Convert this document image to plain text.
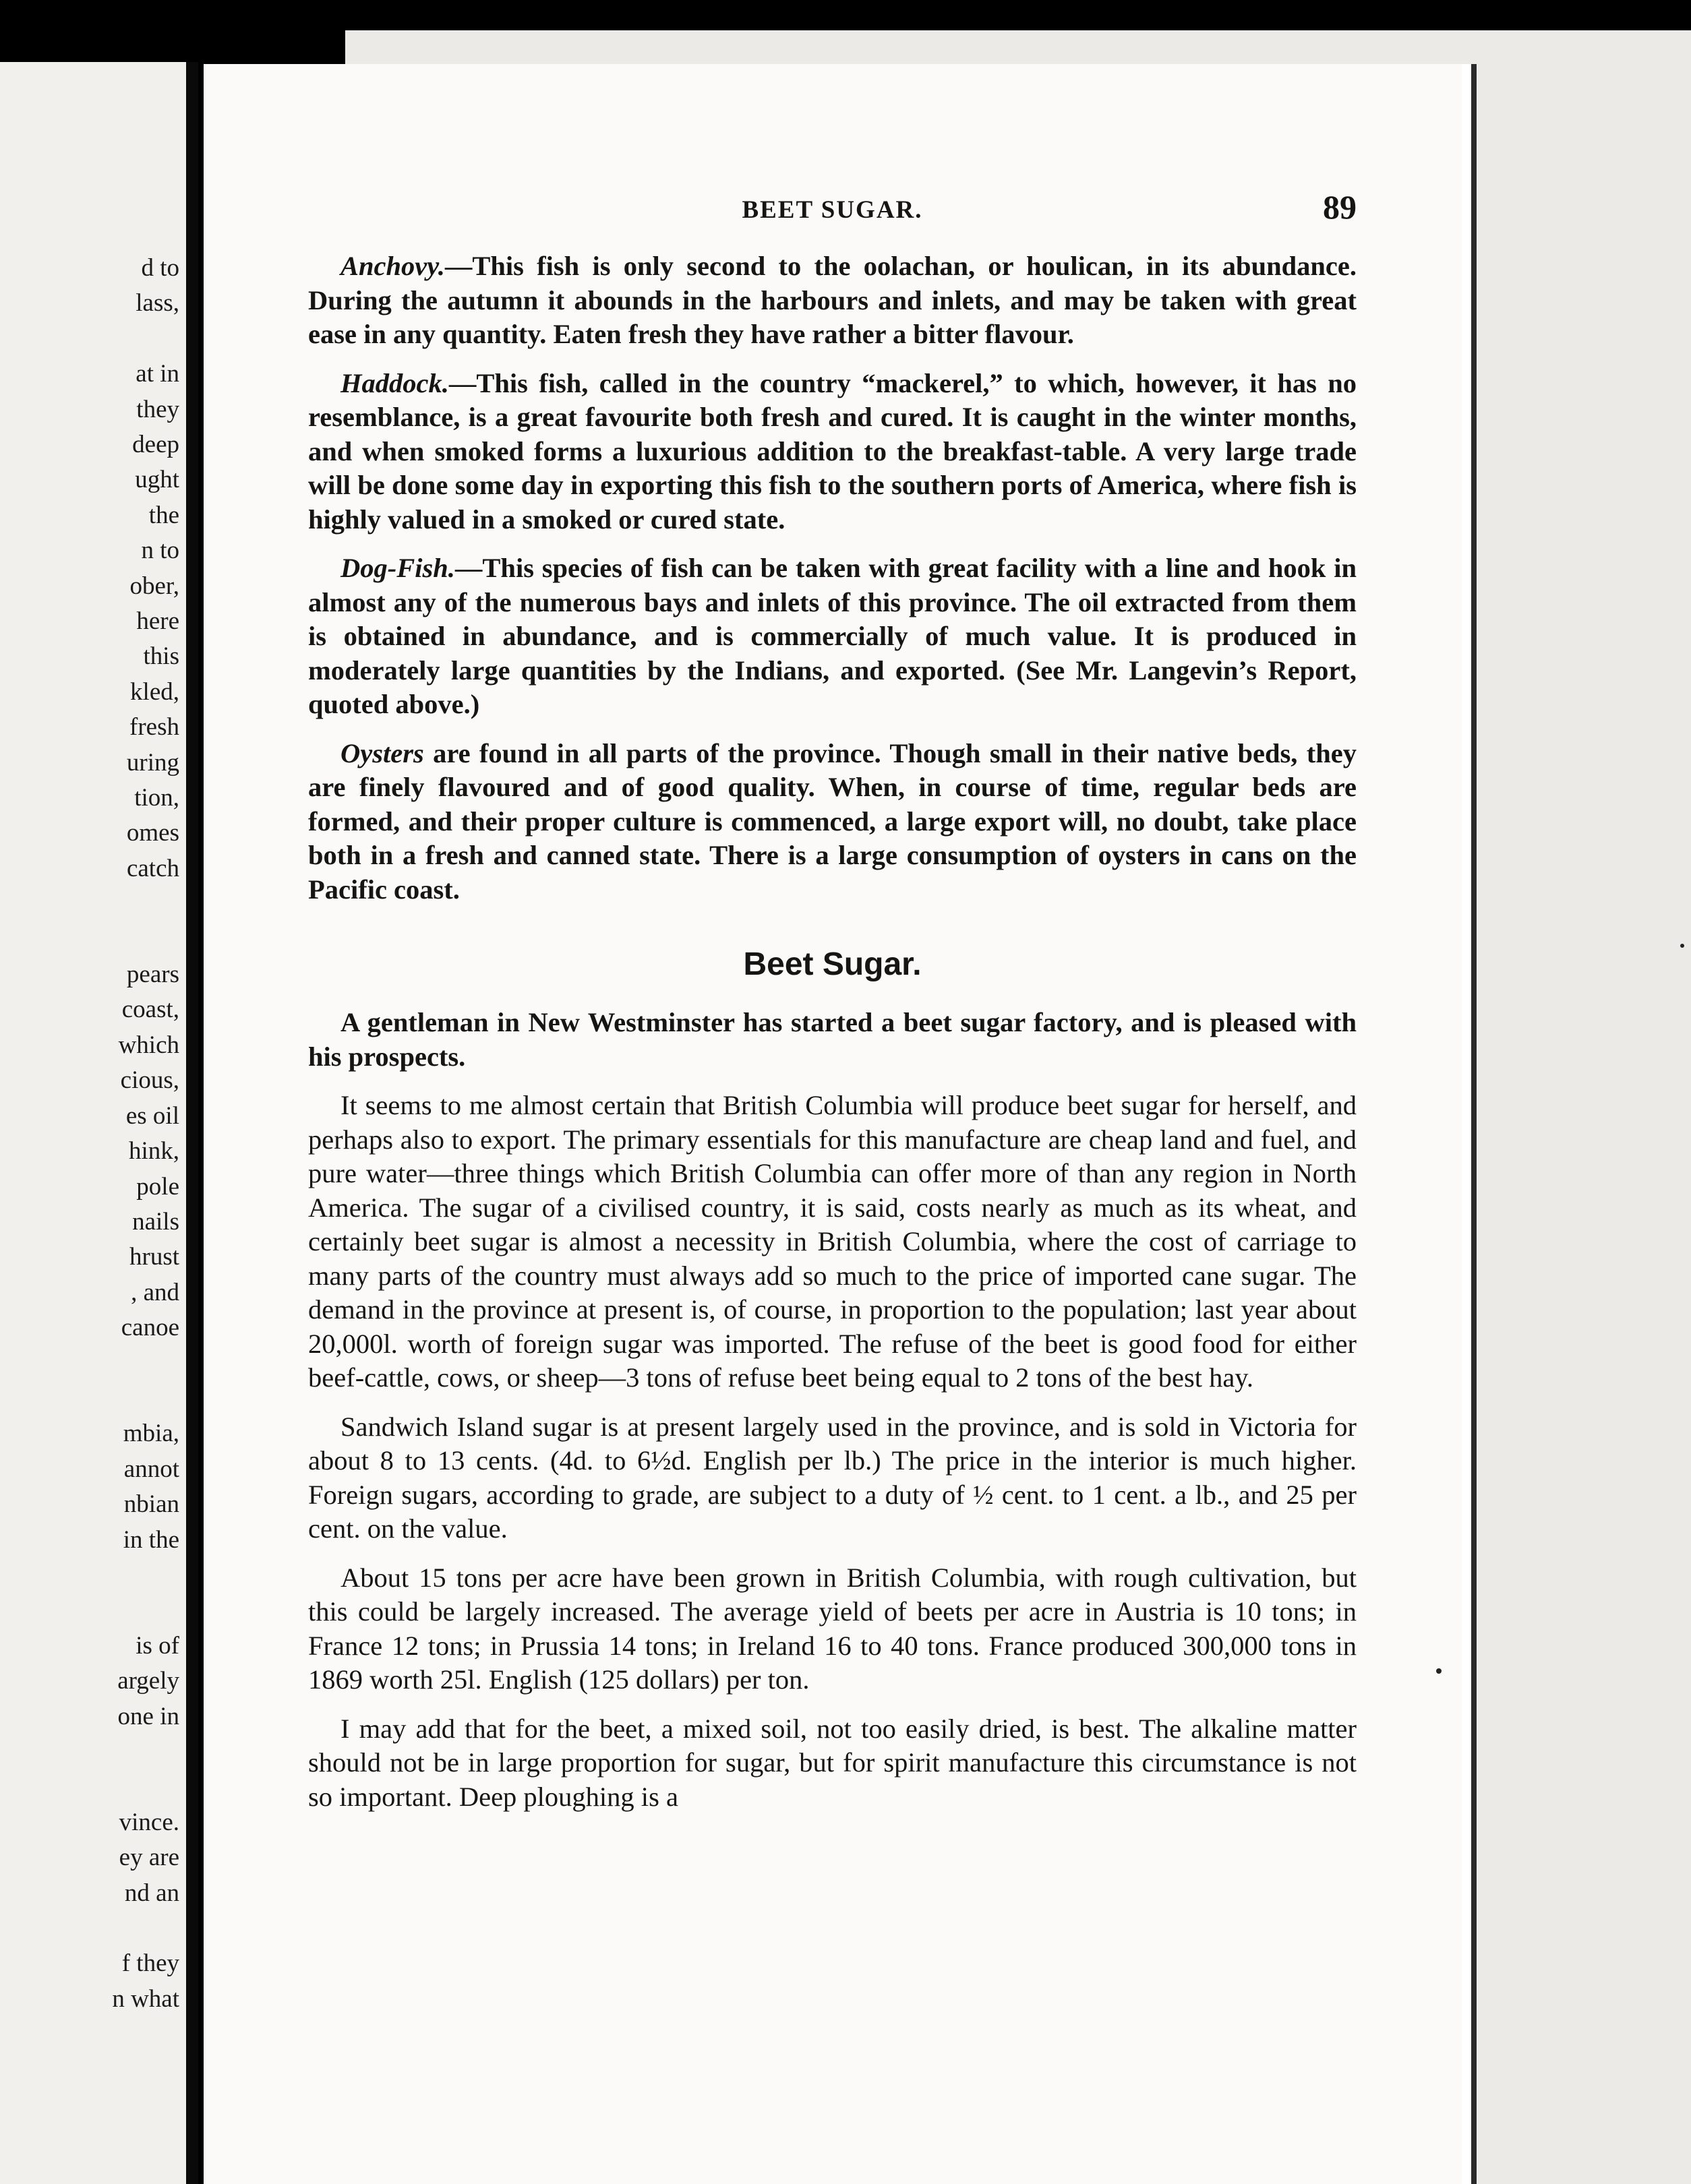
d to
lass,
at in
they
deep
ught
the
n to
ober,
here
this
kled,
fresh
uring
tion,
omes
catch
pears
coast,
which
cious,
es oil
hink,
pole
nails
hrust
, and
canoe
mbia,
annot
nbian
in the
is of
argely
one in
vince.
ey are
nd an
f they
n what
BEET SUGAR.	89

Anchovy.—This fish is only second to the oolachan, or houlican, in its abundance. During the autumn it abounds in the harbours and inlets, and may be taken with great ease in any quantity. Eaten fresh they have rather a bitter flavour.

Haddock.—This fish, called in the country “mackerel,” to which, however, it has no resemblance, is a great favourite both fresh and cured. It is caught in the winter months, and when smoked forms a luxurious addition to the breakfast-table. A very large trade will be done some day in exporting this fish to the southern ports of America, where fish is highly valued in a smoked or cured state.

Dog-Fish.—This species of fish can be taken with great facility with a line and hook in almost any of the numerous bays and inlets of this province. The oil extracted from them is obtained in abundance, and is commercially of much value. It is produced in moderately large quantities by the Indians, and exported. (See Mr. Langevin’s Report, quoted above.)

Oysters are found in all parts of the province. Though small in their native beds, they are finely flavoured and of good quality. When, in course of time, regular beds are formed, and their proper culture is commenced, a large export will, no doubt, take place both in a fresh and canned state. There is a large consumption of oysters in cans on the Pacific coast.

Beet Sugar.

A gentleman in New Westminster has started a beet sugar factory, and is pleased with his prospects.

It seems to me almost certain that British Columbia will produce beet sugar for herself, and perhaps also to export. The primary essentials for this manufacture are cheap land and fuel, and pure water—three things which British Columbia can offer more of than any region in North America. The sugar of a civilised country, it is said, costs nearly as much as its wheat, and certainly beet sugar is almost a necessity in British Columbia, where the cost of carriage to many parts of the country must always add so much to the price of imported cane sugar. The demand in the province at present is, of course, in proportion to the population; last year about 20,000l. worth of foreign sugar was imported. The refuse of the beet is good food for either beef-cattle, cows, or sheep—3 tons of refuse beet being equal to 2 tons of the best hay.

Sandwich Island sugar is at present largely used in the province, and is sold in Victoria for about 8 to 13 cents. (4d. to 6½d. English per lb.) The price in the interior is much higher. Foreign sugars, according to grade, are subject to a duty of ½ cent. to 1 cent. a lb., and 25 per cent. on the value.

About 15 tons per acre have been grown in British Columbia, with rough cultivation, but this could be largely increased. The average yield of beets per acre in Austria is 10 tons; in France 12 tons; in Prussia 14 tons; in Ireland 16 to 40 tons. France produced 300,000 tons in 1869 worth 25l. English (125 dollars) per ton.

I may add that for the beet, a mixed soil, not too easily dried, is best. The alkaline matter should not be in large proportion for sugar, but for spirit manufacture this circumstance is not so important. Deep ploughing is a
